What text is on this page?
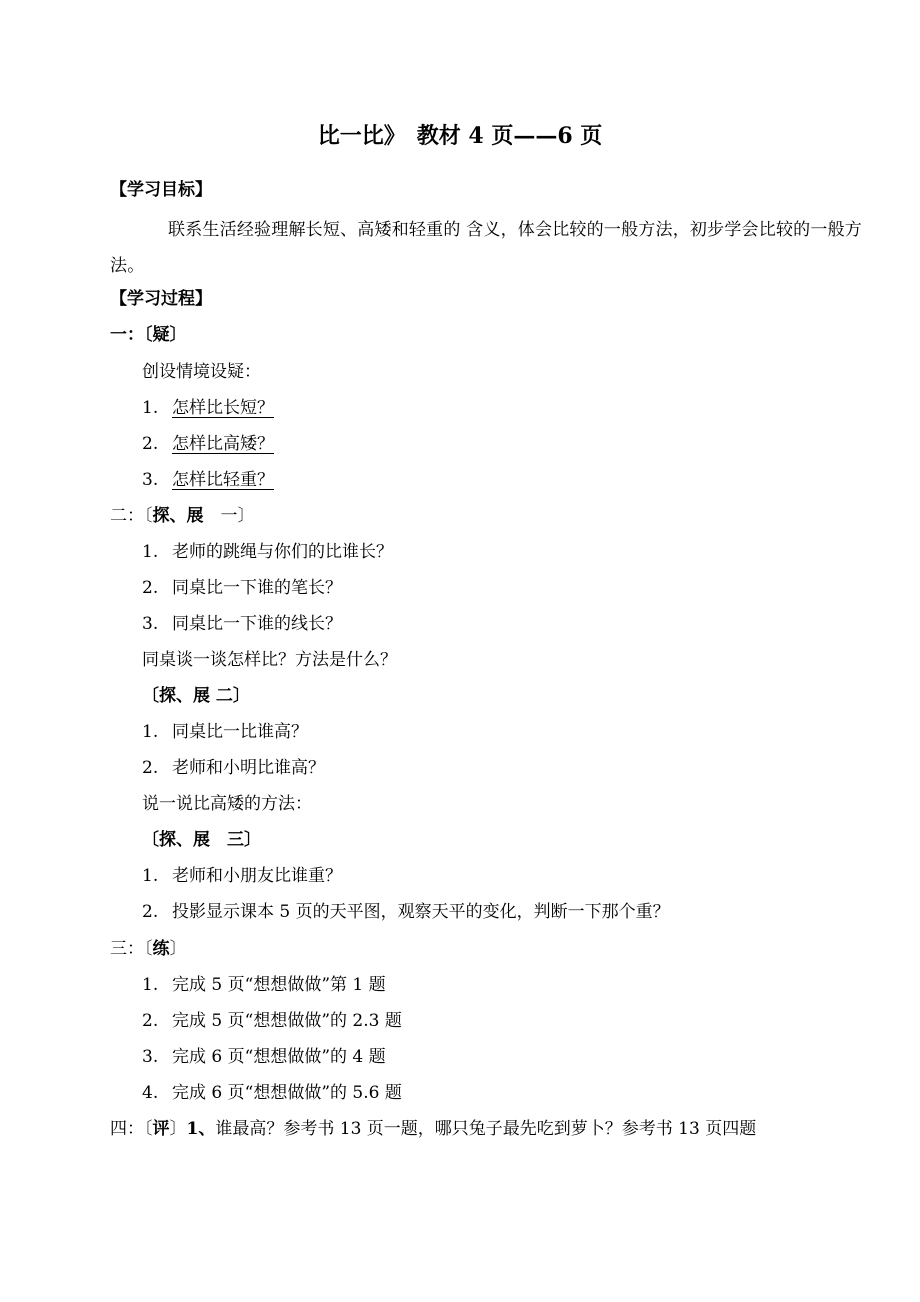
比一比》　教材 4 页——6 页
【学习目标】
联系生活经验理解长短、高矮和轻重的 含义，体会比较的一般方法，初步学会比较的一般方法。
【学习过程】
一：〔疑〕
创设情境设疑：
1. 怎样比长短？
2. 怎样比高矮？
3. 怎样比轻重？
二：〔探、展　一〕
1. 老师的跳绳与你们的比谁长？
2. 同桌比一下谁的笔长？
3. 同桌比一下谁的线长？
同桌谈一谈怎样比？方法是什么？
〔探、展 二〕
1. 同桌比一比谁高？
2. 老师和小明比谁高？
说一说比高矮的方法：
〔探、展　三〕
1. 老师和小朋友比谁重？
2. 投影显示课本 5 页的天平图，观察天平的变化，判断一下那个重？
三：〔练〕
1. 完成 5 页“想想做做”第 1 题
2. 完成 5 页“想想做做”的 2.3 题
3. 完成 6 页“想想做做”的 4 题
4. 完成 6 页“想想做做”的 5.6 题
四：〔评〕1、谁最高？参考书 13 页一题，哪只兔子最先吃到萝卜？参考书 13 页四题
